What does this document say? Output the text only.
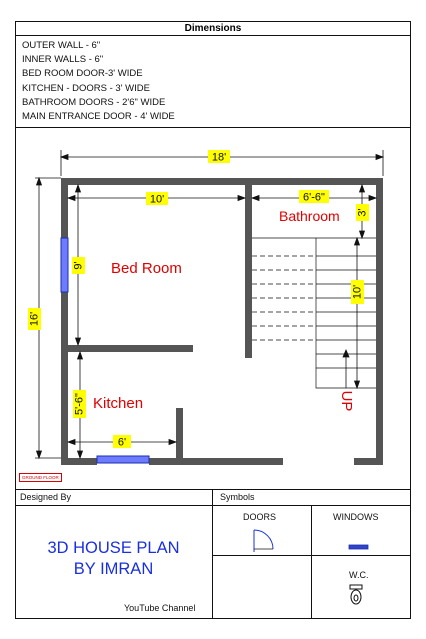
Dimensions
OUTER WALL - 6"
INNER WALLS - 6"
BED ROOM DOOR-3' WIDE
KITCHEN - DOORS - 3' WIDE
BATHROOM DOORS - 2'6" WIDE
MAIN ENTRANCE DOOR - 4' WIDE
18'
10'	6'-6"
6'
16'
9'
3'
10'
5'-6"
Bed Room
Kitchen
Bathroom
UP
GROUND FLOOR
Designed By	Symbols
3D HOUSE PLAN
BY IMRAN
YouTube Channel
DOORS	WINDOWS
W.C.
